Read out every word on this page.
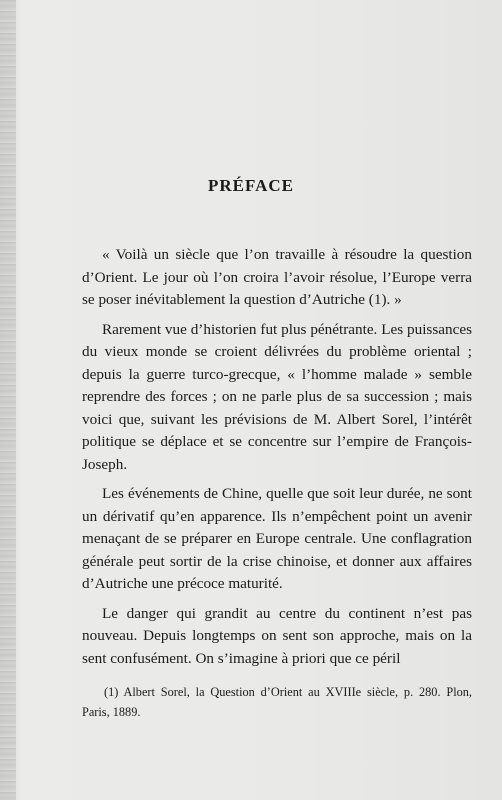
PRÉFACE

« Voilà un siècle que l’on travaille à résoudre la question d’Orient. Le jour où l’on croira l’avoir résolue, l’Europe verra se poser inévitablement la question d’Autriche (1). »

Rarement vue d’historien fut plus pénétrante. Les puissances du vieux monde se croient délivrées du problème oriental ; depuis la guerre turco-grecque, « l’homme malade » semble reprendre des forces ; on ne parle plus de sa succession ; mais voici que, suivant les prévisions de M. Albert Sorel, l’intérêt politique se déplace et se concentre sur l’empire de François-Joseph.

Les événements de Chine, quelle que soit leur durée, ne sont un dérivatif qu’en apparence. Ils n’empêchent point un avenir menaçant de se préparer en Europe centrale. Une conflagration générale peut sortir de la crise chinoise, et donner aux affaires d’Autriche une précoce maturité.

Le danger qui grandit au centre du continent n’est pas nouveau. Depuis longtemps on sent son approche, mais on la sent confusément. On s’imagine à priori que ce péril

(1) Albert Sorel, la Question d’Orient au XVIIIe siècle, p. 280. Plon, Paris, 1889.
